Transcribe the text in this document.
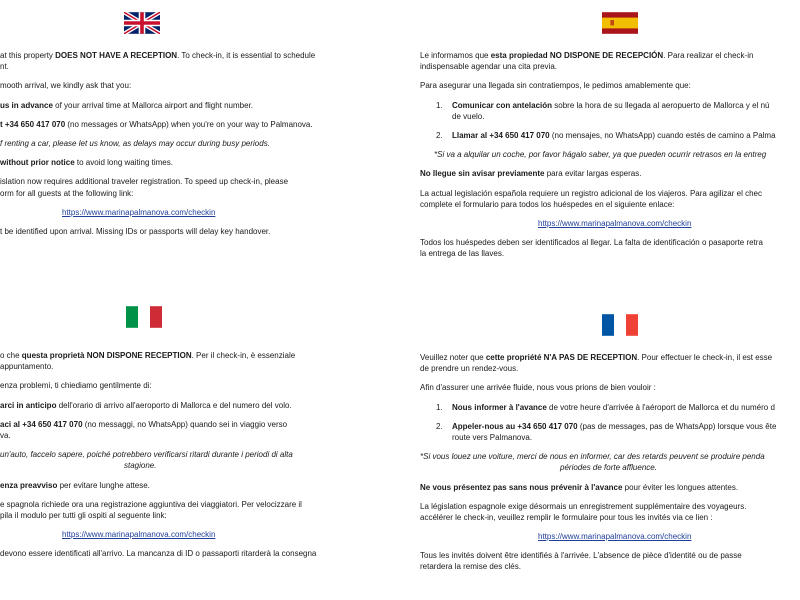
at this property DOES NOT HAVE A RECEPTION. To check-in, it is essential to schedule

nt.

mooth arrival, we kindly ask that you:

us in advance of your arrival time at Mallorca airport and flight number.

t +34 650 417 070 (no messages or WhatsApp) when you're on your way to Palmanova.

f renting a car, please let us know, as delays may occur during busy periods.

without prior notice to avoid long waiting times.

islation now requires additional traveler registration. To speed up check-in, please

orm for all guests at the following link:

https://www.marinapalmanova.com/checkin

t be identified upon arrival. Missing IDs or passports will delay key handover.

Le informamos que esta propiedad NO DISPONE DE RECEPCIÓN. Para realizar el check-in

indispensable agendar una cita previa.

Para asegurar una llegada sin contratiempos, le pedimos amablemente que:

1. Comunicar con antelación sobre la hora de su llegada al aeropuerto de Mallorca y el nú

de vuelo.

2. Llamar al +34 650 417 070 (no mensajes, no WhatsApp) cuando estés de camino a Palma

*Si va a alquilar un coche, por favor hágalo saber, ya que pueden ocurrir retrasos en la entreg

No llegue sin avisar previamente para evitar largas esperas.

La actual legislación española requiere un registro adicional de los viajeros. Para agilizar el chec

complete el formulario para todos los huéspedes en el siguiente enlace:

https://www.marinapalmanova.com/checkin

Todos los huéspedes deben ser identificados al llegar. La falta de identificación o pasaporte retra

la entrega de las llaves.

o che questa proprietà NON DISPONE RECEPTION. Per il check-in, è essenziale

appuntamento.

enza problemi, ti chiediamo gentilmente di:

arci in anticipo dell'orario di arrivo all'aeroporto di Mallorca e del numero del volo.

aci al +34 650 417 070 (no messaggi, no WhatsApp) quando sei in viaggio verso

va.

un'auto, faccelo sapere, poiché potrebbero verificarsi ritardi durante i periodi di alta

stagione.

enza preavviso per evitare lunghe attese.

e spagnola richiede ora una registrazione aggiuntiva dei viaggiatori. Per velocizzare il

pila il modulo per tutti gli ospiti al seguente link:

https://www.marinapalmanova.com/checkin

devono essere identificati all'arrivo. La mancanza di ID o passaporti ritarderà la consegna

Veuillez noter que cette propriété N'A PAS DE RECEPTION. Pour effectuer le check-in, il est esse

de prendre un rendez-vous.

Afin d'assurer une arrivée fluide, nous vous prions de bien vouloir :

1. Nous informer à l'avance de votre heure d'arrivée à l'aéroport de Mallorca et du numéro d

2. Appeler-nous au +34 650 417 070 (pas de messages, pas de WhatsApp) lorsque vous ête

route vers Palmanova.

*Si vous louez une voiture, merci de nous en informer, car des retards peuvent se produire penda

périodes de forte affluence.

Ne vous présentez pas sans nous prévenir à l'avance pour éviter les longues attentes.

La législation espagnole exige désormais un enregistrement supplémentaire des voyageurs.

accélérer le check-in, veuillez remplir le formulaire pour tous les invités via ce lien :

https://www.marinapalmanova.com/checkin

Tous les invités doivent être identifiés à l'arrivée. L'absence de pièce d'identité ou de passe

retardera la remise des clés.
